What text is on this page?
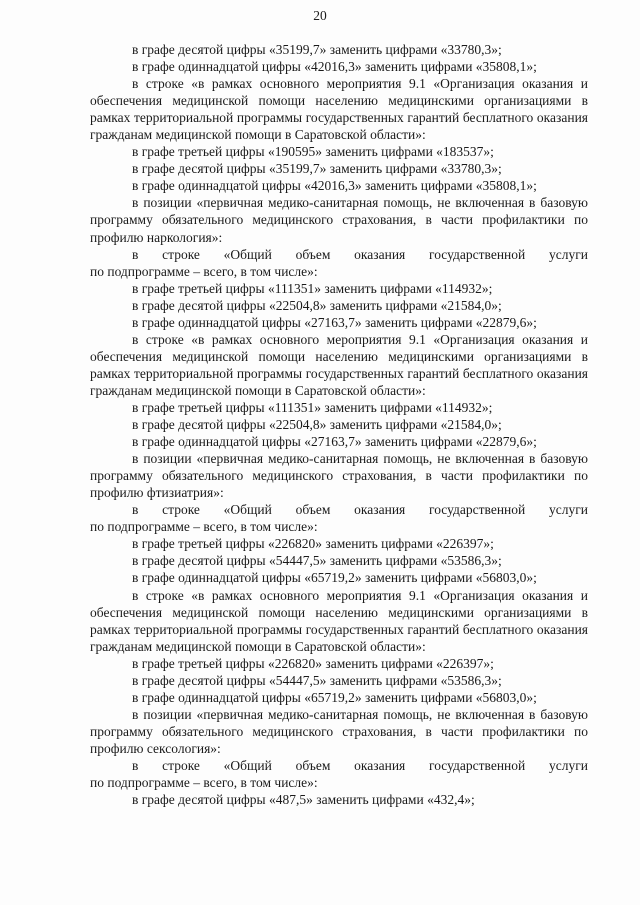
20

в графе десятой цифры «35199,7» заменить цифрами «33780,3»;

в графе одиннадцатой цифры «42016,3» заменить цифрами «35808,1»;

в строке «в рамках основного мероприятия 9.1 «Организация оказания и обеспечения медицинской помощи населению медицинскими организациями в рамках территориальной программы государственных гарантий бесплатного оказания гражданам медицинской помощи в Саратовской области»:

в графе третьей цифры «190595» заменить цифрами «183537»;

в графе десятой цифры «35199,7» заменить цифрами «33780,3»;

в графе одиннадцатой цифры «42016,3» заменить цифрами «35808,1»;

в позиции «первичная медико-санитарная помощь, не включенная в базовую программу обязательного медицинского страхования, в части профилактики по профилю наркология»:

в строке «Общий объем оказания государственной услуги

по подпрограмме – всего, в том числе»:

в графе третьей цифры «111351» заменить цифрами «114932»;

в графе десятой цифры «22504,8» заменить цифрами «21584,0»;

в графе одиннадцатой цифры «27163,7» заменить цифрами «22879,6»;

в строке «в рамках основного мероприятия 9.1 «Организация оказания и обеспечения медицинской помощи населению медицинскими организациями в рамках территориальной программы государственных гарантий бесплатного оказания гражданам медицинской помощи в Саратовской области»:

в графе третьей цифры «111351» заменить цифрами «114932»;

в графе десятой цифры «22504,8» заменить цифрами «21584,0»;

в графе одиннадцатой цифры «27163,7» заменить цифрами «22879,6»;

в позиции «первичная медико-санитарная помощь, не включенная в базовую программу обязательного медицинского страхования, в части профилактики по профилю фтизиатрия»:

в строке «Общий объем оказания государственной услуги

по подпрограмме – всего, в том числе»:

в графе третьей цифры «226820» заменить цифрами «226397»;

в графе десятой цифры «54447,5» заменить цифрами «53586,3»;

в графе одиннадцатой цифры «65719,2» заменить цифрами «56803,0»;

в строке «в рамках основного мероприятия 9.1 «Организация оказания и обеспечения медицинской помощи населению медицинскими организациями в рамках территориальной программы государственных гарантий бесплатного оказания гражданам медицинской помощи в Саратовской области»:

в графе третьей цифры «226820» заменить цифрами «226397»;

в графе десятой цифры «54447,5» заменить цифрами «53586,3»;

в графе одиннадцатой цифры «65719,2» заменить цифрами «56803,0»;

в позиции «первичная медико-санитарная помощь, не включенная в базовую программу обязательного медицинского страхования, в части профилактики по профилю сексология»:

в строке «Общий объем оказания государственной услуги

по подпрограмме – всего, в том числе»:

в графе десятой цифры «487,5» заменить цифрами «432,4»;
